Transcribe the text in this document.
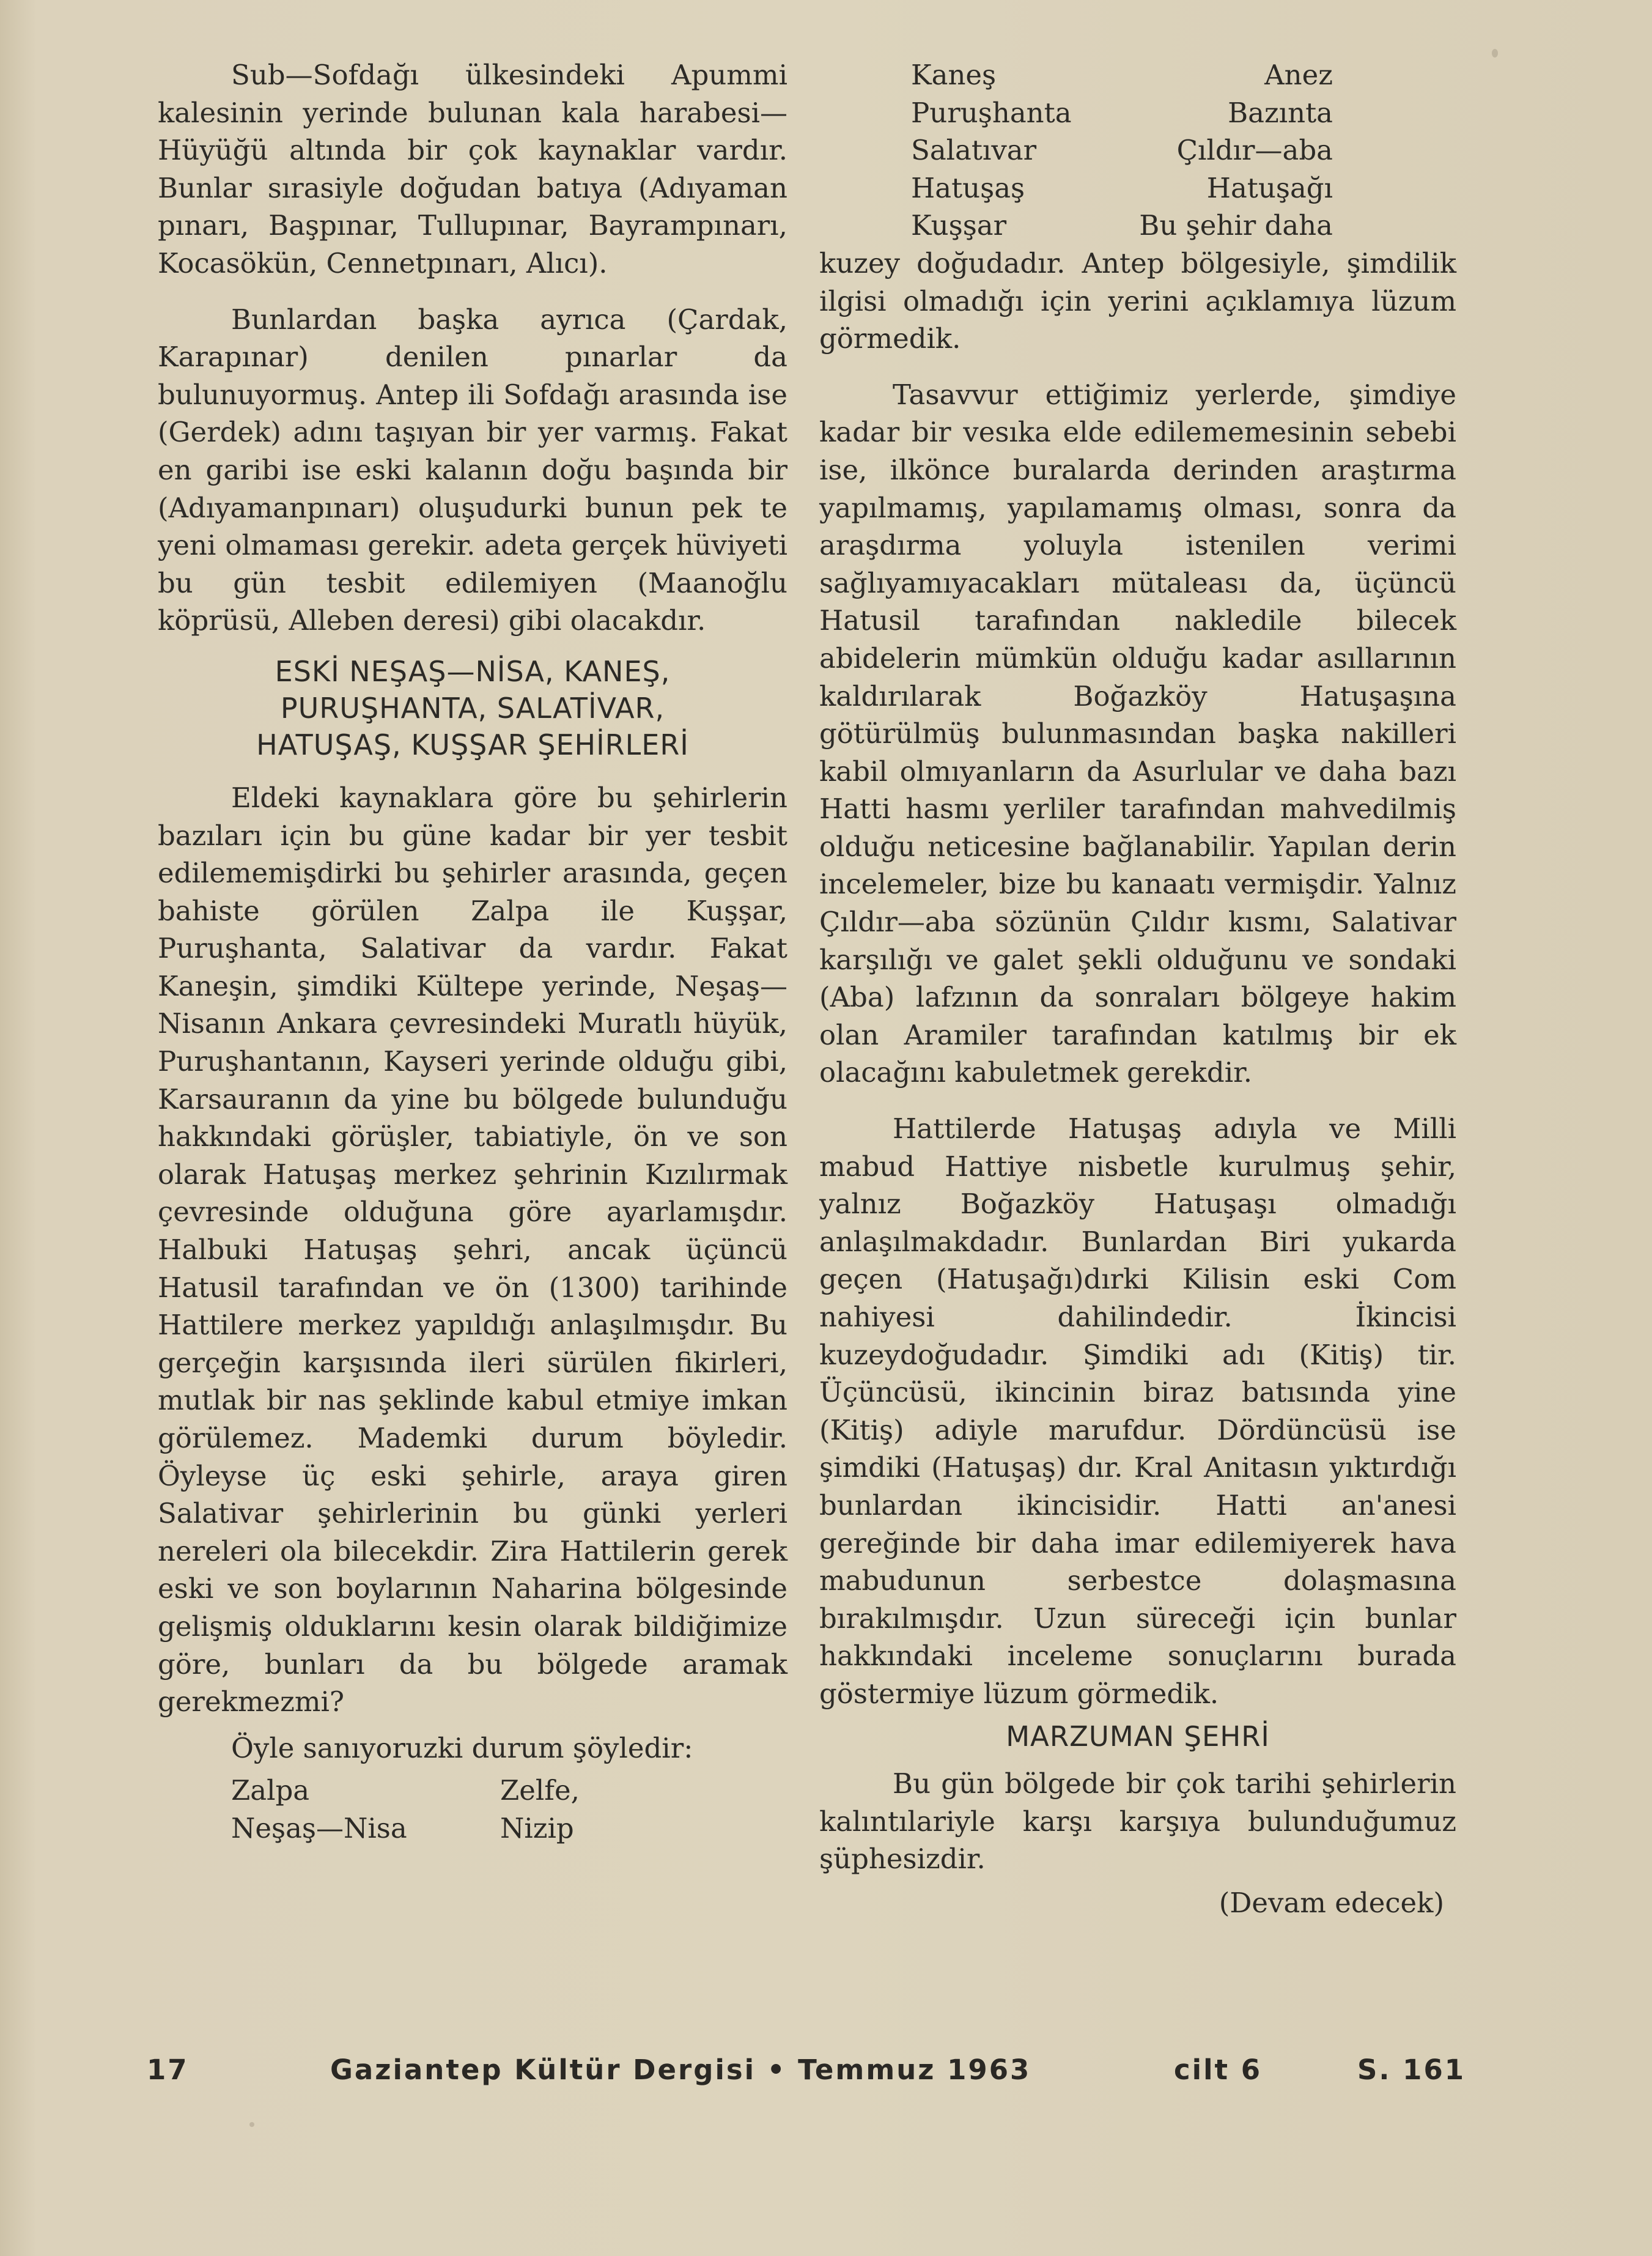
Sub—Sofdağı ülkesindeki Apummi kalesinin yerinde bulunan kala harabesi—Hüyüğü altında bir çok kaynaklar vardır. Bunlar sırasiyle doğudan batıya (Adıyaman pınarı, Başpınar, Tullupınar, Bayrampınarı, Kocasökün, Cennetpınarı, Alıcı).

Bunlardan başka ayrıca (Çardak, Karapınar) denilen pınarlar da bulunuyormuş. Antep ili Sofdağı arasında ise (Gerdek) adını taşıyan bir yer varmış. Fakat en garibi ise eski kalanın doğu başında bir (Adıyamanpınarı) oluşudurki bunun pek te yeni olmaması gerekir. adeta gerçek hüviyeti bu gün tesbit edilemiyen (Maanoğlu köprüsü, Alleben deresi) gibi olacakdır.

ESKİ NEŞAŞ—NİSA, KANEŞ,
PURUŞHANTA, SALATİVAR,
HATUŞAŞ, KUŞŞAR ŞEHİRLERİ

Eldeki kaynaklara göre bu şehirlerin bazıları için bu güne kadar bir yer tesbit edilememişdirki bu şehirler arasında, geçen bahiste görülen Zalpa ile Kuşşar, Puruşhanta, Salativar da vardır. Fakat Kaneşin, şimdiki Kültepe yerinde, Neşaş—Nisanın Ankara çevresindeki Muratlı hüyük, Puruşhantanın, Kayseri yerinde olduğu gibi, Karsauranın da yine bu bölgede bulunduğu hakkındaki görüşler, tabiatiyle, ön ve son olarak Hatuşaş merkez şehrinin Kızılırmak çevresinde olduğuna göre ayarlamışdır. Halbuki Hatuşaş şehri, ancak üçüncü Hatusil tarafından ve ön (1300) tarihinde Hattilere merkez yapıldığı anlaşılmışdır. Bu gerçeğin karşısında ileri sürülen fikirleri, mutlak bir nas şeklinde kabul etmiye imkan görülemez. Mademki durum böyledir. Öyleyse üç eski şehirle, araya giren Salativar şehirlerinin bu günki yerleri nereleri ola bilecekdir. Zira Hattilerin gerek eski ve son boylarının Naharina bölgesinde gelişmiş olduklarını kesin olarak bildiğimize göre, bunları da bu bölgede aramak gerekmezmi?

Öyle sanıyoruzki durum şöyledir:

Zalpa	Zelfe,
Neşaş—Nisa	Nizip
Kaneş	Anez
Puruşhanta	Bazınta
Salatıvar	Çıldır—aba
Hatuşaş	Hatuşağı
Kuşşar	Bu şehir daha

kuzey doğudadır. Antep bölgesiyle, şimdilik ilgisi olmadığı için yerini açıklamıya lüzum görmedik.

Tasavvur ettiğimiz yerlerde, şimdiye kadar bir vesıka elde edilememesinin sebebi ise, ilkönce buralarda derinden araştırma yapılmamış, yapılamamış olması, sonra da araşdırma yoluyla istenilen verimi sağlıyamıyacakları mütaleası da, üçüncü Hatusil tarafından nakledile bilecek abidelerin mümkün olduğu kadar asıllarının kaldırılarak Boğazköy Hatuşaşına götürülmüş bulunmasından başka nakilleri kabil olmıyanların da Asurlular ve daha bazı Hatti hasmı yerliler tarafından mahvedilmiş olduğu neticesine bağlanabilir. Yapılan derin incelemeler, bize bu kanaatı vermişdir. Yalnız Çıldır—aba sözünün Çıldır kısmı, Salativar karşılığı ve galet şekli olduğunu ve sondaki (Aba) lafzının da sonraları bölgeye hakim olan Aramiler tarafından katılmış bir ek olacağını kabuletmek gerekdir.

Hattilerde Hatuşaş adıyla ve Milli mabud Hattiye nisbetle kurulmuş şehir, yalnız Boğazköy Hatuşaşı olmadığı anlaşılmakdadır. Bunlardan Biri yukarda geçen (Hatuşağı)dırki Kilisin eski Com nahiyesi dahilindedir. İkincisi kuzeydoğudadır. Şimdiki adı (Kitiş) tir. Üçüncüsü, ikincinin biraz batısında yine (Kitiş) adiyle marufdur. Dördüncüsü ise şimdiki (Hatuşaş) dır. Kral Anitasın yıktırdığı bunlardan ikincisidir. Hatti an'anesi gereğinde bir daha imar edilemiyerek hava mabudunun serbestce dolaşmasına bırakılmışdır. Uzun süreceği için bunlar hakkındaki inceleme sonuçlarını burada göstermiye lüzum görmedik.

MARZUMAN ŞEHRİ

Bu gün bölgede bir çok tarihi şehirlerin kalıntılariyle karşı karşıya bulunduğumuz şüphesizdir.

(Devam edecek)
17	Gaziantep Kültür Dergisi • Temmuz 1963	cilt 6	S. 161
